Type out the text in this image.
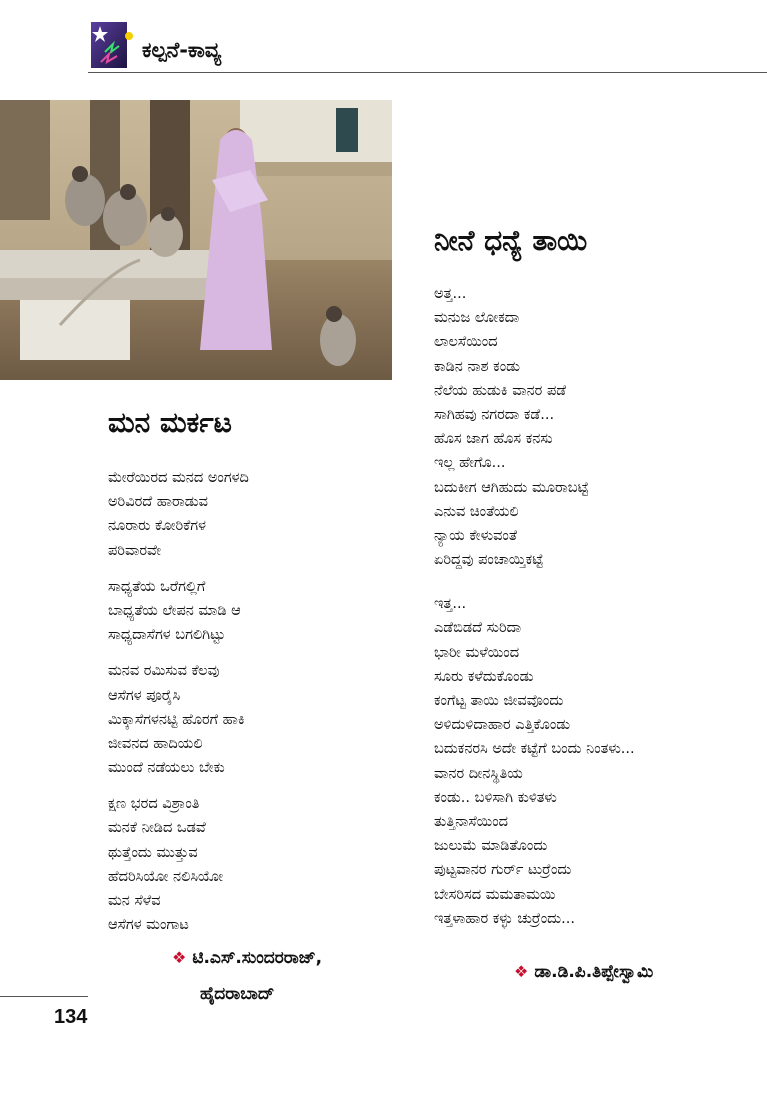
ಕಲ್ಪನೆ-ಕಾವ್ಯ
ಮನ ಮರ್ಕಟ
ಮೇರೆಯಿರದ ಮನದ ಅಂಗಳದಿ
ಅರಿವಿರದೆ ಹಾರಾಡುವ
ನೂರಾರು ಕೋರಿಕೆಗಳ
ಪರಿವಾರವೇ
ಸಾಧ್ಯತೆಯ ಒರೆಗಲ್ಲಿಗೆ
ಬಾಧ್ಯತೆಯ ಲೇಪನ ಮಾಡಿ ಆ
ಸಾಧ್ಯದಾಸೆಗಳ ಬಗಲಿಗಿಟ್ಟು
ಮನವ ರಮಿಸುವ ಕೆಲವು
ಆಸೆಗಳ ಪೂರೈಸಿ
ಮಿಕ್ಕಾಸೆಗಳನಟ್ಟಿ ಹೊರಗೆ ಹಾಕಿ
ಜೀವನದ ಹಾದಿಯಲಿ
ಮುಂದೆ ನಡೆಯಲು ಬೇಕು
ಕ್ಷಣ ಭರದ ವಿಶ್ರಾಂತಿ
ಮನಕೆ ನೀಡಿದ ಒಡವೆ
ಥುತ್ತೆಂದು ಮುತ್ತುವ
ಹೆದರಿಸಿಯೋ ನಲಿಸಿಯೋ
ಮನ ಸೆಳೆವ
ಆಸೆಗಳ ಮಂಗಾಟ
❖ ಟಿ.ಎಸ್.ಸುಂದರರಾಜ್,
ಹೈದರಾಬಾದ್
ನೀನೆ ಧನ್ಯೆ ತಾಯಿ
ಅತ್ತ...
ಮನುಜ ಲೋಕದಾ
ಲಾಲಸೆಯಿಂದ
ಕಾಡಿನ ನಾಶ ಕಂಡು
ನೆಲೆಯ ಹುಡುಕಿ ವಾನರ ಪಡೆ
ಸಾಗಿಹವು ನಗರದಾ ಕಡೆ...
ಹೊಸ ಜಾಗ ಹೊಸ ಕನಸು
ಇಲ್ಲ ಹೇಗೊ...
ಬದುಕೀಗ ಆಗಿಹುದು ಮೂರಾಬಟ್ಟೆ
ಎನುವ ಚಿಂತೆಯಲಿ
ನ್ಯಾಯ ಕೇಳುವಂತೆ
ಏರಿದ್ದವು ಪಂಚಾಯ್ತಿಕಟ್ಟೆ
ಇತ್ತ...
ಎಡೆಬಿಡದೆ ಸುರಿದಾ
ಭಾರೀ ಮಳೆಯಿಂದ
ಸೂರು ಕಳೆದುಕೊಂಡು
ಕಂಗೆಟ್ಟ ತಾಯಿ ಜೀವವೊಂದು
ಅಳಿದುಳಿದಾಹಾರ ಎತ್ತಿಕೊಂಡು
ಬದುಕನರಸಿ ಅದೇ ಕಟ್ಟೆಗೆ ಬಂದು ನಿಂತಳು...
ವಾನರ ದೀನಸ್ಥಿತಿಯ
ಕಂಡು.. ಬಳಿಸಾಗಿ ಕುಳಿತಳು
ತುತ್ತಿನಾಸೆಯಿಂದ
ಜುಲುಮೆ ಮಾಡಿತೊಂದು
ಪುಟ್ಟವಾನರ ಗುರ್ರ್ ಟುರ್ರೆಂದು
ಬೇಸರಿಸದ ಮಮತಾಮಯಿ
ಇತ್ತಳಾಹಾರ ಕಳ್ಳು ಚುರ್ರೆಂದು...
❖ ಡಾ.ಡಿ.ಪಿ.ತಿಪ್ಪೇಸ್ವಾಮಿ
134
